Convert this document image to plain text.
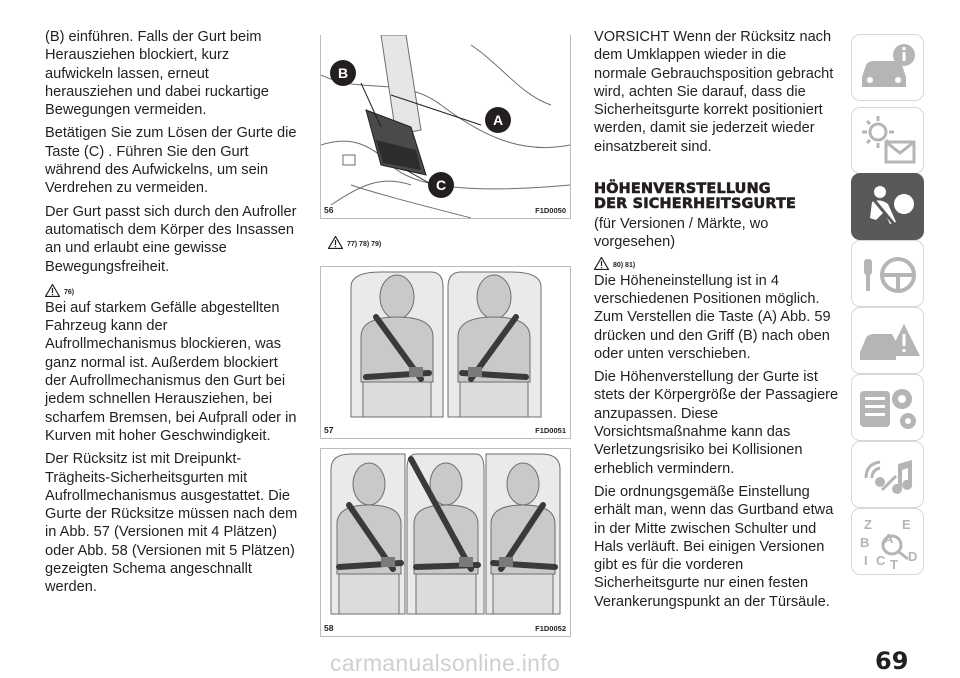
(B) einführen. Falls der Gurt beim Herausziehen blockiert, kurz aufwickeln lassen, erneut herausziehen und dabei ruckartige Bewegungen vermeiden.

Betätigen Sie zum Lösen der Gurte die Taste (C) . Führen Sie den Gurt während des Aufwickelns, um sein Verdrehen zu vermeiden.

Der Gurt passt sich durch den Aufroller automatisch dem Körper des Insassen an und erlaubt eine gewisse Bewegungsfreiheit.

76)

Bei auf starkem Gefälle abgestellten Fahrzeug kann der Aufrollmechanismus blockieren, was ganz normal ist. Außerdem blockiert der Aufrollmechanismus den Gurt bei jedem schnellen Herausziehen, bei scharfem Bremsen, bei Aufprall oder in Kurven mit hoher Geschwindigkeit.

Der Rücksitz ist mit Dreipunkt-Trägheits-Sicherheitsgurten mit Aufrollmechanismus ausgestattet. Die Gurte der Rücksitze müssen nach dem in Abb. 57 (Versionen mit 4 Plätzen) oder Abb. 58 (Versionen mit 5 Plätzen) gezeigten Schema angeschnallt werden.

B
A
C
56	F1D0050
77) 78) 79)
57	F1D0051
58	F1D0052

VORSICHT Wenn der Rücksitz nach dem Umklappen wieder in die normale Gebrauchsposition gebracht wird, achten Sie darauf, dass die Sicherheitsgurte korrekt positioniert werden, damit sie jederzeit wieder einsatzbereit sind.

HÖHENVERSTELLUNG
DER SICHERHEITSGURTE

(für Versionen / Märkte, wo vorgesehen)

80) 81)

Die Höheneinstellung ist in 4 verschiedenen Positionen möglich. Zum Verstellen die Taste (A) Abb. 59 drücken und den Griff (B) nach oben oder unten verschieben.

Die Höhenverstellung der Gurte ist stets der Körpergröße der Passagiere anzupassen. Diese Vorsichtsmaßnahme kann das Verletzungsrisiko bei Kollisionen erheblich vermindern.

Die ordnungsgemäße Einstellung erhält man, wenn das Gurtband etwa in der Mitte zwischen Schulter und Hals verläuft. Bei einigen Versionen gibt es für die vorderen Sicherheitsgurte nur einen festen Verankerungspunkt an der Türsäule.

Z E
B A
I C T
D
carmanualsonline.info	69
